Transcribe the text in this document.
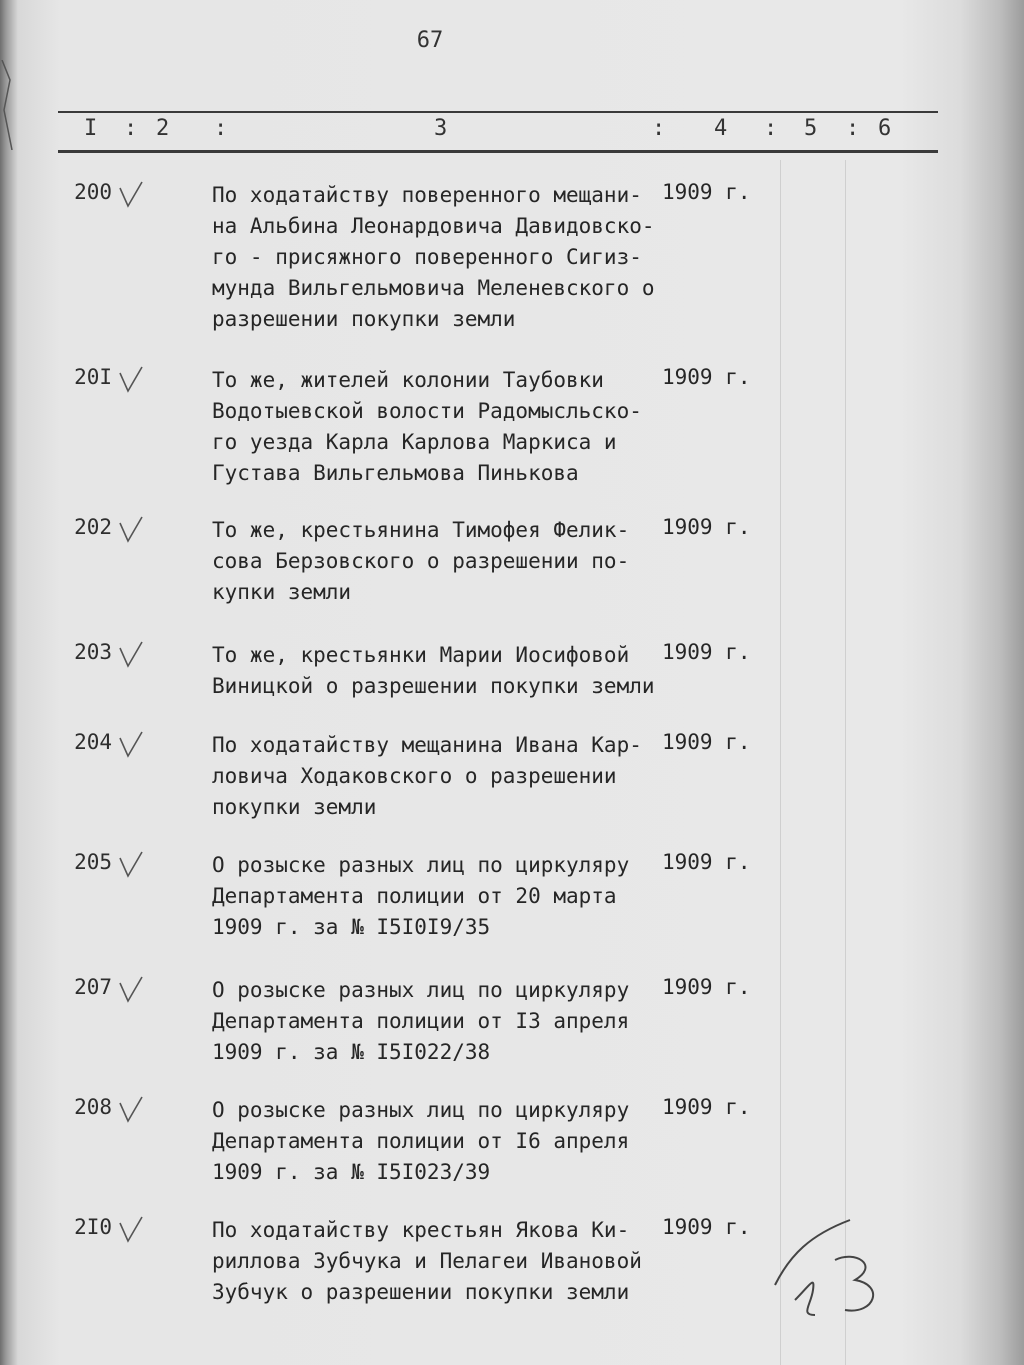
67
I : 2 :	3	: 4 : 5 : 6
200	По ходатайству поверенного мещани-
на Альбина Леонардовича Давидовско-
го - присяжного поверенного Сигиз-
мунда Вильгельмовича Меленевского о
разрешении покупки земли
1909 г.
20I	То же, жителей колонии Таубовки
Водотыевской волости Радомысльско-
го уезда Карла Карлова Маркиса и
Густава Вильгельмова Пинькова
1909 г.
202	То же, крестьянина Тимофея Фелик-
сова Берзовского о разрешении по-
купки земли
1909 г.
203	То же, крестьянки Марии Иосифовой
Виницкой о разрешении покупки земли
1909 г.
204	По ходатайству мещанина Ивана Кар-
ловича Ходаковского о разрешении
покупки земли
1909 г.
205	О розыске разных лиц по циркуляру
Департамента полиции от 20 марта
1909 г. за № I5I0I9/35
1909 г.
207	О розыске разных лиц по циркуляру
Департамента полиции от I3 апреля
1909 г. за № I5I022/38
1909 г.
208	О розыске разных лиц по циркуляру
Департамента полиции от I6 апреля
1909 г. за № I5I023/39
1909 г.
2I0	По ходатайству крестьян Якова Ки-
риллова Зубчука и Пелагеи Ивановой
Зубчук о разрешении покупки земли
1909 г.
